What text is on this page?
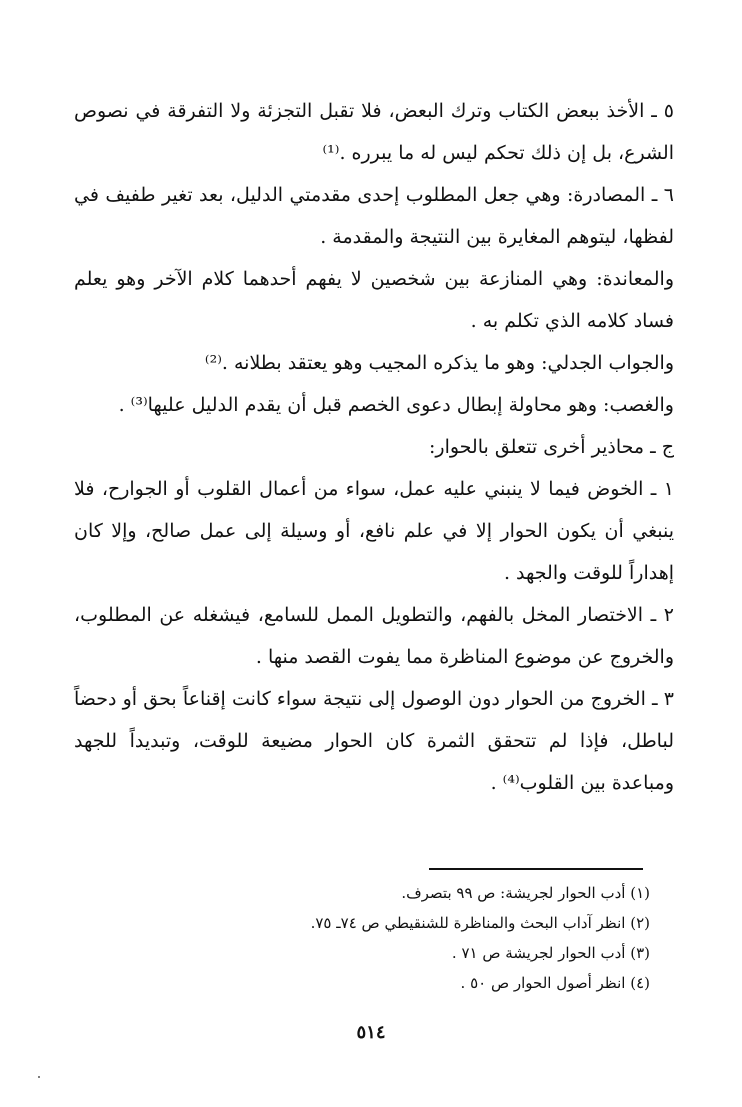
٥ ـ الأخذ ببعض الكتاب وترك البعض، فلا تقبل التجزئة ولا التفرقة في نصوص الشرع، بل إن ذلك تحكم ليس له ما يبرره .⁽¹⁾

٦ ـ المصادرة: وهي جعل المطلوب إحدى مقدمتي الدليل، بعد تغير طفيف في لفظها، ليتوهم المغايرة بين النتيجة والمقدمة .

والمعاندة: وهي المنازعة بين شخصين لا يفهم أحدهما كلام الآخر وهو يعلم فساد كلامه الذي تكلم به .

والجواب الجدلي: وهو ما يذكره المجيب وهو يعتقد بطلانه .⁽²⁾

والغصب: وهو محاولة إبطال دعوى الخصم قبل أن يقدم الدليل عليها⁽³⁾ .

ج ـ محاذير أخرى تتعلق بالحوار:

١ ـ الخوض فيما لا ينبني عليه عمل، سواء من أعمال القلوب أو الجوارح، فلا ينبغي أن يكون الحوار إلا في علم نافع، أو وسيلة إلى عمل صالح، وإلا كان إهداراً للوقت والجهد .

٢ ـ الاختصار المخل بالفهم، والتطويل الممل للسامع، فيشغله عن المطلوب، والخروج عن موضوع المناظرة مما يفوت القصد منها .

٣ ـ الخروج من الحوار دون الوصول إلى نتيجة سواء كانت إقناعاً بحق أو دحضاً لباطل، فإذا لم تتحقق الثمرة كان الحوار مضيعة للوقت، وتبديداً للجهد ومباعدة بين القلوب⁽⁴⁾ .

(١) أدب الحوار لجريشة: ص ٩٩ بتصرف.

(٢) انظر آداب البحث والمناظرة للشنقيطي ص ٧٤ـ ٧٥.

(٣) أدب الحوار لجريشة ص ٧١ .

(٤) انظر أصول الحوار ص ٥٠ .

٥١٤
